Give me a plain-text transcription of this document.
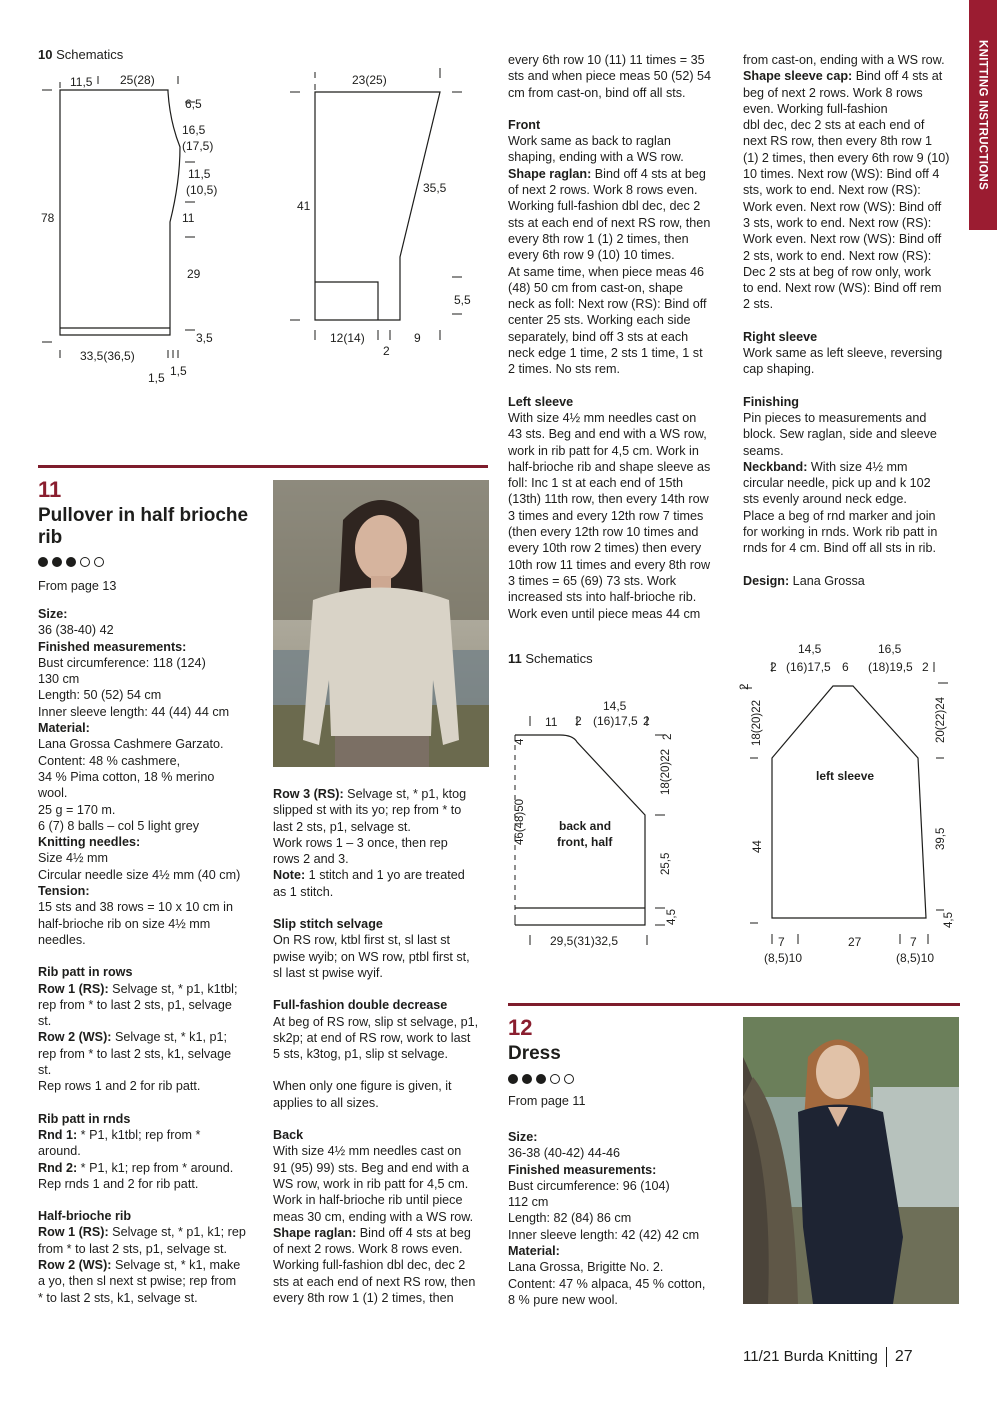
KNITTING INSTRUCTIONS
10 Schematics
11,5 25(28)
6,5
16,5
(17,5)
11,5
(10,5)
11
29
3,5
78
33,5(36,5)
1,5 1,5
23(25)
35,5
41
5,5
12(14)	9
2
11
Pullover in half brioche rib
From page 13

Size:

36 (38-40) 42

Finished measurements:

Bust circumference: 118 (124)

130 cm

Length: 50 (52) 54 cm

Inner sleeve length: 44 (44) 44 cm

Material:

Lana Grossa Cashmere Garzato.

Content: 48 % cashmere,

34 % Pima cotton, 18 % merino

wool.

25 g = 170 m.

6 (7) 8 balls – col 5 light grey

Knitting needles:

Size 4½ mm

Circular needle size 4½ mm (40 cm)

Tension:

15 sts and 38 rows = 10 x 10 cm in

half-brioche rib on size 4½ mm

needles.

Rib patt in rows

Row 1 (RS): Selvage st, * p1, k1tbl;

rep from * to last 2 sts, p1, selvage

st.

Row 2 (WS): Selvage st, * k1, p1;

rep from * to last 2 sts, k1, selvage

st.

Rep rows 1 and 2 for rib patt.

Rib patt in rnds

Rnd 1: * P1, k1tbl; rep from *

around.

Rnd 2: * P1, k1; rep from * around.

Rep rnds 1 and 2 for rib patt.

Half-brioche rib

Row 1 (RS): Selvage st, * p1, k1; rep

from * to last 2 sts, p1, selvage st.

Row 2 (WS): Selvage st, * k1, make

a yo, then sl next st pwise; rep from

* to last 2 sts, k1, selvage st.

Row 3 (RS): Selvage st, * p1, ktog

slipped st with its yo; rep from * to

last 2 sts, p1, selvage st.

Work rows 1 – 3 once, then rep

rows 2 and 3.

Note: 1 stitch and 1 yo are treated

as 1 stitch.

Slip stitch selvage

On RS row, ktbl first st, sl last st

pwise wyib; on WS row, ptbl first st,

sl last st pwise wyif.

Full-fashion double decrease

At beg of RS row, slip st selvage, p1,

sk2p; at end of RS row, work to last

5 sts, k3tog, p1, slip st selvage.

When only one figure is given, it

applies to all sizes.

Back

With size 4½ mm needles cast on

91 (95) 99) sts. Beg and end with a

WS row, work in rib patt for 4,5 cm.

Work in half-brioche rib until piece

meas 30 cm, ending with a WS row.

Shape raglan: Bind off 4 sts at beg

of next 2 rows. Work 8 rows even.

Working full-fashion dbl dec, dec 2

sts at each end of next RS row, then

every 8th row 1 (1) 2 times, then

every 6th row 10 (11) 11 times = 35

sts and when piece meas 50 (52) 54

cm from cast-on, bind off all sts.

Front

Work same as back to raglan

shaping, ending with a WS row.

Shape raglan: Bind off 4 sts at beg

of next 2 rows. Work 8 rows even.

Working full-fashion dbl dec, dec 2

sts at each end of next RS row, then

every 8th row 1 (1) 2 times, then

every 6th row 9 (10) 10 times.

At same time, when piece meas 46

(48) 50 cm from cast-on, shape

neck as foll: Next row (RS): Bind off

center 25 sts. Working each side

separately, bind off 3 sts at each

neck edge 1 time, 2 sts 1 time, 1 st

2 times. No sts rem.

Left sleeve

With size 4½ mm needles cast on

43 sts. Beg and end with a WS row,

work in rib patt for 4,5 cm. Work in

half-brioche rib and shape sleeve as

foll: Inc 1 st at each end of 15th

(13th) 11th row, then every 14th row

3 times and every 12th row 7 times

(then every 12th row 10 times and

every 10th row 2 times) then every

10th row 11 times and every 8th row

3 times = 65 (69) 73 sts. Work

increased sts into half-brioche rib.

Work even until piece meas 44 cm

from cast-on, ending with a WS row.

Shape sleeve cap: Bind off 4 sts at

beg of next 2 rows. Work 8 rows

even. Working full-fashion

dbl dec, dec 2 sts at each end of

next RS row, then every 8th row 1

(1) 2 times, then every 6th row 9 (10)

10 times. Next row (WS): Bind off 4

sts, work to end. Next row (RS):

Work even. Next row (WS): Bind off

3 sts, work to end. Next row (RS):

Work even. Next row (WS): Bind off

2 sts, work to end. Next row (RS):

Dec 2 sts at beg of row only, work

to end. Next row (WS): Bind off rem

2 sts.

Right sleeve

Work same as left sleeve, reversing

cap shaping.

Finishing

Pin pieces to measurements and

block. Sew raglan, side and sleeve

seams.

Neckband: With size 4½ mm

circular needle, pick up and k 102

sts evenly around neck edge.

Place a beg of rnd marker and join

for working in rnds. Work rib patt in

rnds for 4 cm. Bind off all sts in rib.

Design: Lana Grossa

11 Schematics
14,5
11 2 (16)17,5 2
2
4
18(20)22
46(48)50	back and
front, half
25,5
4,5
29,5(31)32,5
14,5	16,5
2 (16)17,5 6 (18)19,5 2
2
18(20)22	20(22)24
left sleeve
44	39,5
4,5
7	27	7
(8,5)10	(8,5)10
12
Dress
From page 11

Size:

36-38 (40-42) 44-46

Finished measurements:

Bust circumference: 96 (104)

112 cm

Length: 82 (84) 86 cm

Inner sleeve length: 42 (42) 42 cm

Material:

Lana Grossa, Brigitte No. 2.

Content: 47 % alpaca, 45 % cotton,

8 % pure new wool.

11/21 Burda Knitting 27
